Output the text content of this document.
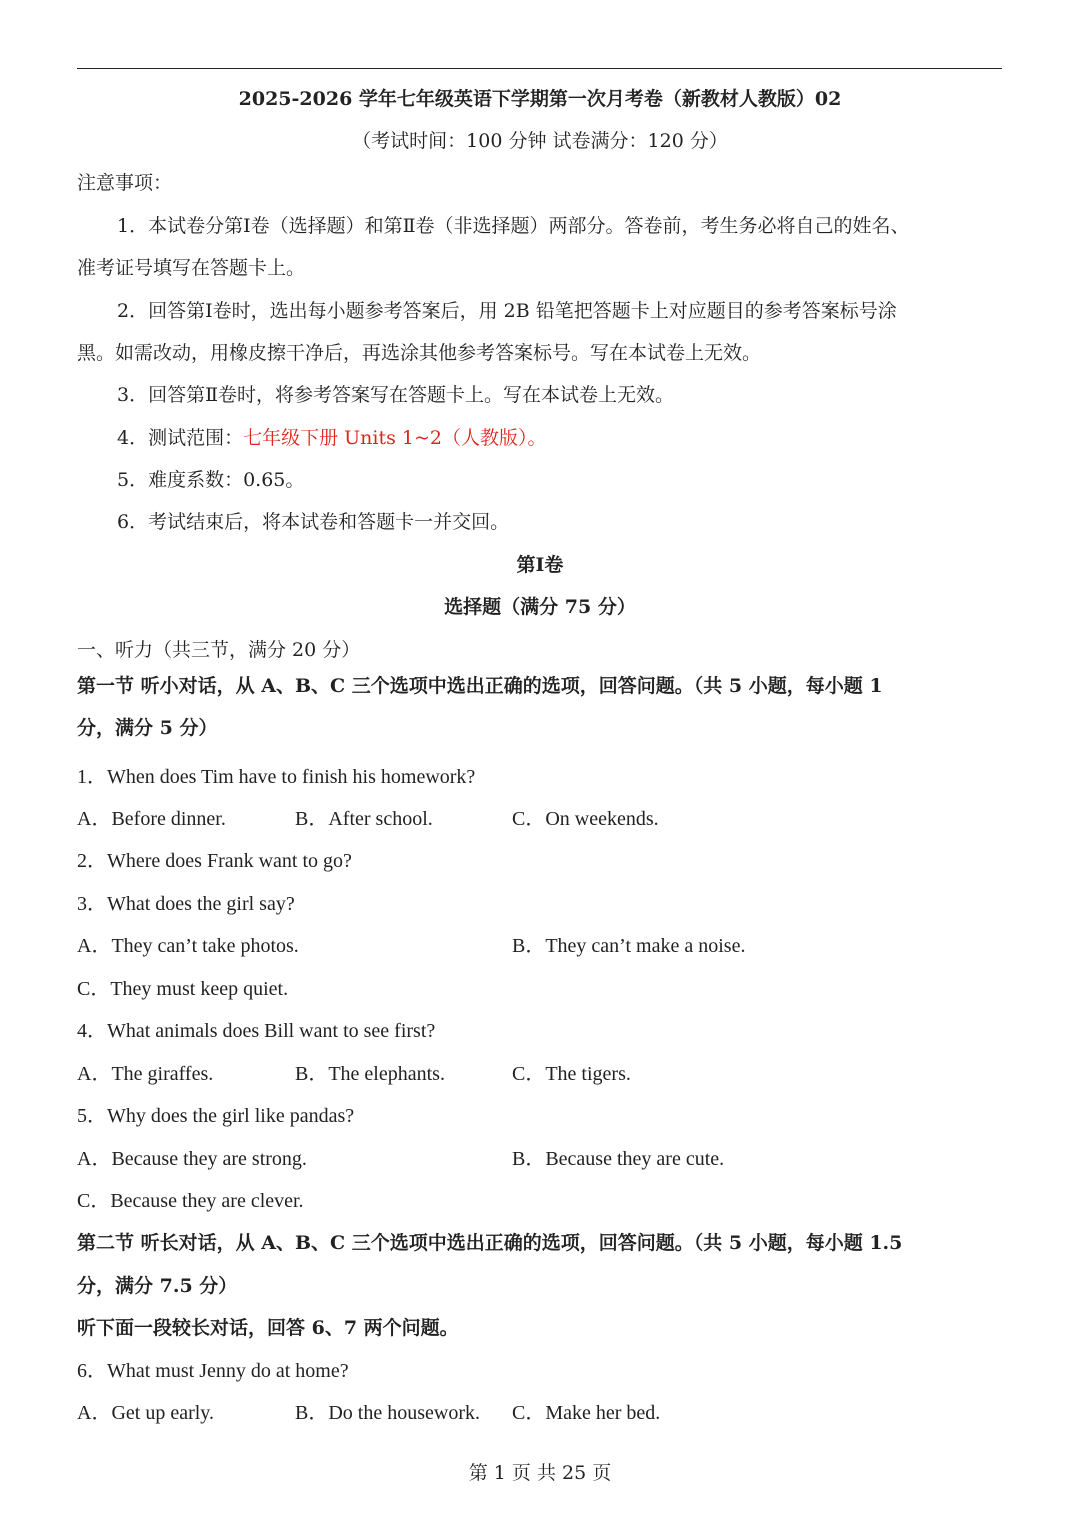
2025-2026 学年七年级英语下学期第一次月考卷（新教材人教版）02
（考试时间：100 分钟 试卷满分：120 分）
注意事项：
1．本试卷分第Ⅰ卷（选择题）和第Ⅱ卷（非选择题）两部分。答卷前，考生务必将自己的姓名、
准考证号填写在答题卡上。
2．回答第Ⅰ卷时，选出每小题参考答案后，用 2B 铅笔把答题卡上对应题目的参考答案标号涂
黑。如需改动，用橡皮擦干净后，再选涂其他参考答案标号。写在本试卷上无效。
3．回答第Ⅱ卷时，将参考答案写在答题卡上。写在本试卷上无效。
4．测试范围：七年级下册 Units 1~2（人教版）。
5．难度系数：0.65。
6．考试结束后，将本试卷和答题卡一并交回。
第Ⅰ卷
选择题（满分 75 分）
一、听力（共三节，满分 20 分）
第一节 听小对话，从 A、B、C 三个选项中选出正确的选项，回答问题。（共 5 小题，每小题 1
分，满分 5 分）
1．When does Tim have to finish his homework?
A．Before dinner.	B．After school.	C．On weekends.
2．Where does Frank want to go?
3．What does the girl say?
A．They can’t take photos.	B．They can’t make a noise.
C．They must keep quiet.
4．What animals does Bill want to see first?
A．The giraffes.	B．The elephants.	C．The tigers.
5．Why does the girl like pandas?
A．Because they are strong.	B．Because they are cute.
C．Because they are clever.
第二节 听长对话，从 A、B、C 三个选项中选出正确的选项，回答问题。（共 5 小题，每小题 1.5
分，满分 7.5 分）
听下面一段较长对话，回答 6、7 两个问题。
6．What must Jenny do at home?
A．Get up early.	B．Do the housework. C．Make her bed.
第 1 页 共 25 页
